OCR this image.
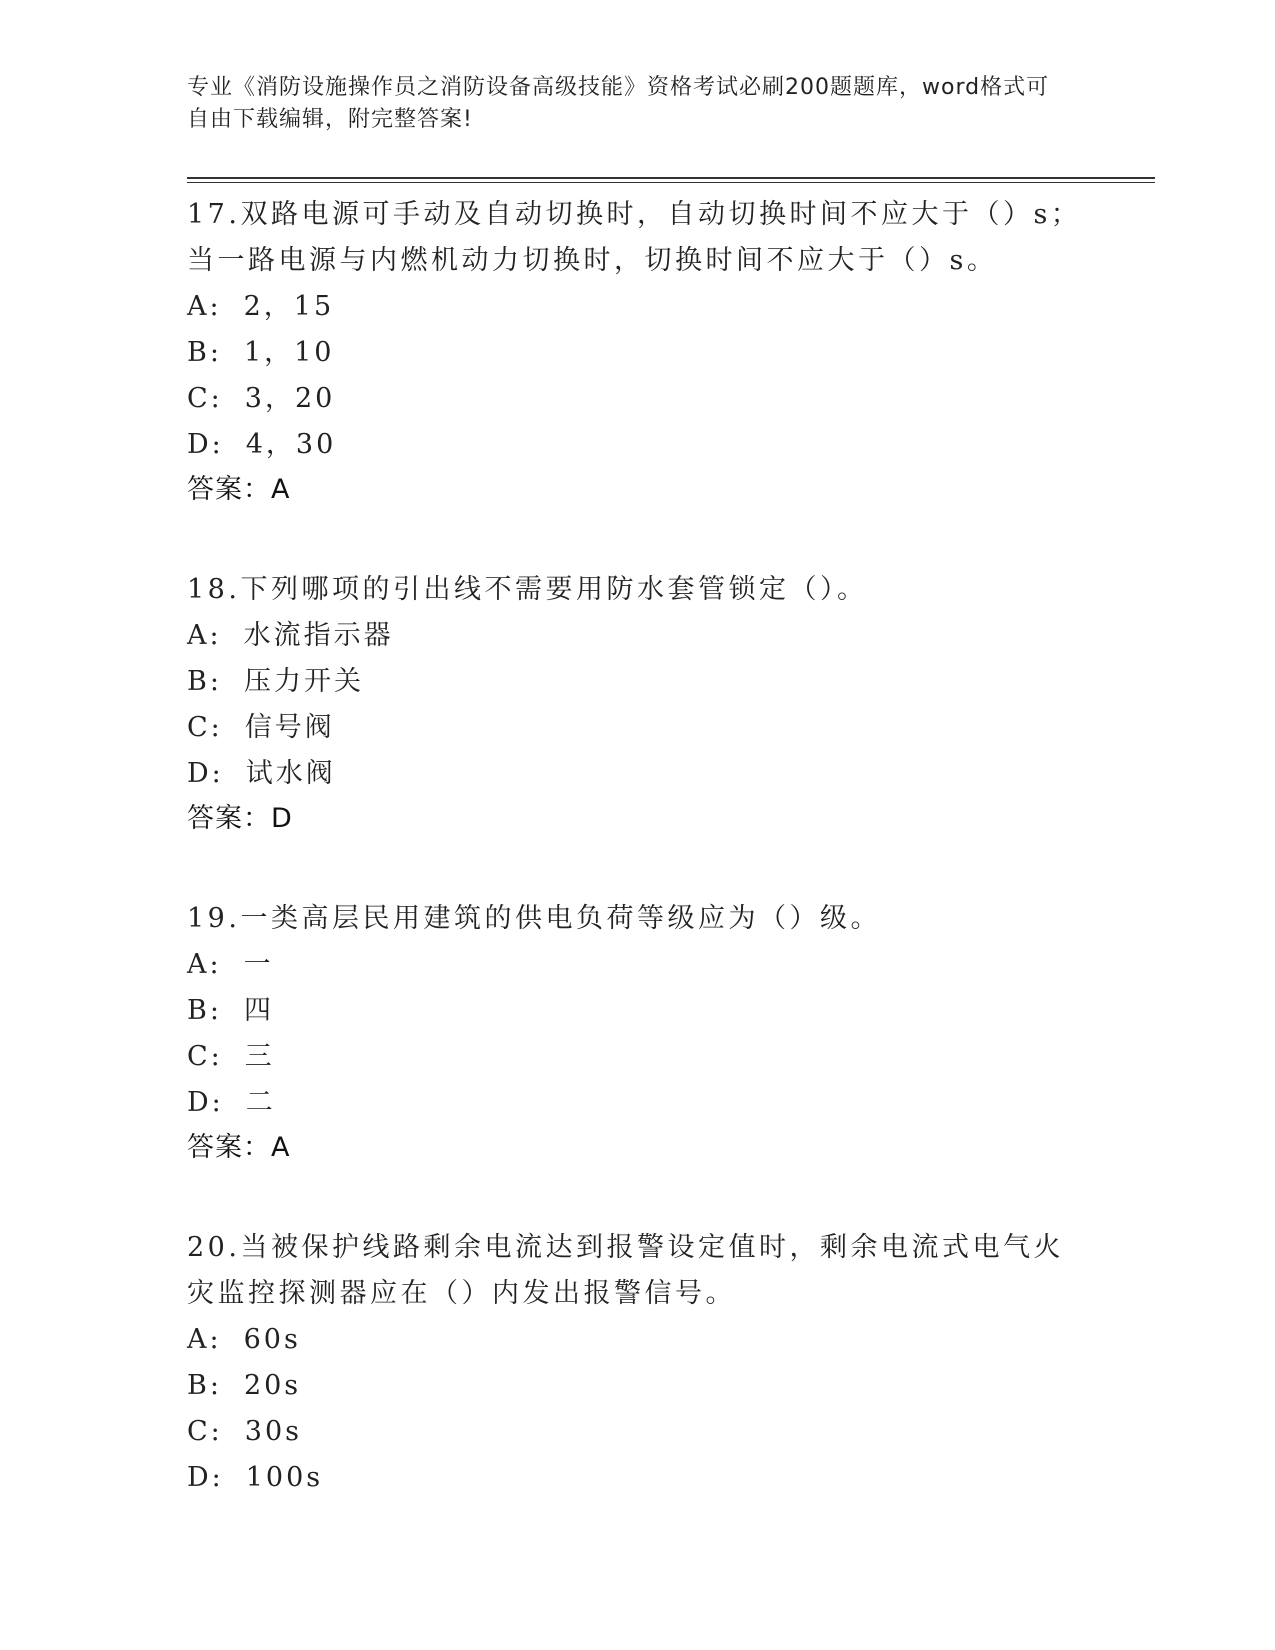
专业《消防设施操作员之消防设备高级技能》资格考试必刷200题题库，word格式可自由下载编辑，附完整答案!
17.双路电源可手动及自动切换时，自动切换时间不应大于（）s；当一路电源与内燃机动力切换时，切换时间不应大于（）s。
A: 2，15
B: 1，10
C: 3，20
D: 4，30
答案：A
18.下列哪项的引出线不需要用防水套管锁定（）。
A: 水流指示器
B: 压力开关
C: 信号阀
D: 试水阀
答案：D
19.一类高层民用建筑的供电负荷等级应为（）级。
A: 一
B: 四
C: 三
D: 二
答案：A
20.当被保护线路剩余电流达到报警设定值时，剩余电流式电气火灾监控探测器应在（）内发出报警信号。
A: 60s
B: 20s
C: 30s
D: 100s
